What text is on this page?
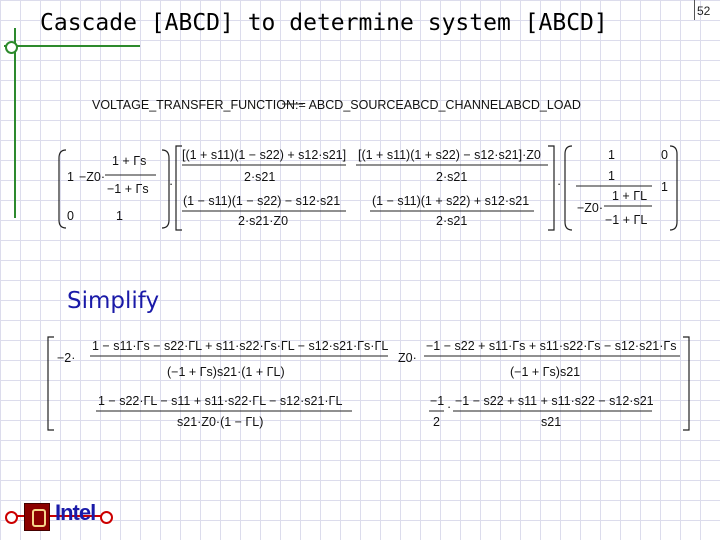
52
Cascade [ABCD] to determine system [ABCD]
Simplify
VOLTAGE_TRANSFER_FUNCTION:= ABCD_SOURCEABCD_CHANNELABCD_LOAD
1 −Z0·
1 + Γs
−1 + Γs
0	1
·
[(1 + s11)(1 − s22) + s12·s21]
2·s21
[(1 + s11)(1 + s22) − s12·s21]·Z0
2·s21
(1 − s11)(1 − s22) − s12·s21
2·s21·Z0
(1 − s11)(1 + s22) + s12·s21
2·s21
·
1	0
1
−Z0·
1 + ΓL
−1 + ΓL
1
−2·
1 − s11·Γs − s22·ΓL + s11·s22·Γs·ΓL − s12·s21·Γs·ΓL
(−1 + Γs)s21·(1 + ΓL)
Z0·
−1 − s22 + s11·Γs + s11·s22·Γs − s12·s21·Γs
(−1 + Γs)s21
1 − s22·ΓL − s11 + s11·s22·ΓL − s12·s21·ΓL
s21·Z0·(1 − ΓL)
−1
2
· −1 − s22 + s11 + s11·s22 − s12·s21
s21
Intel
